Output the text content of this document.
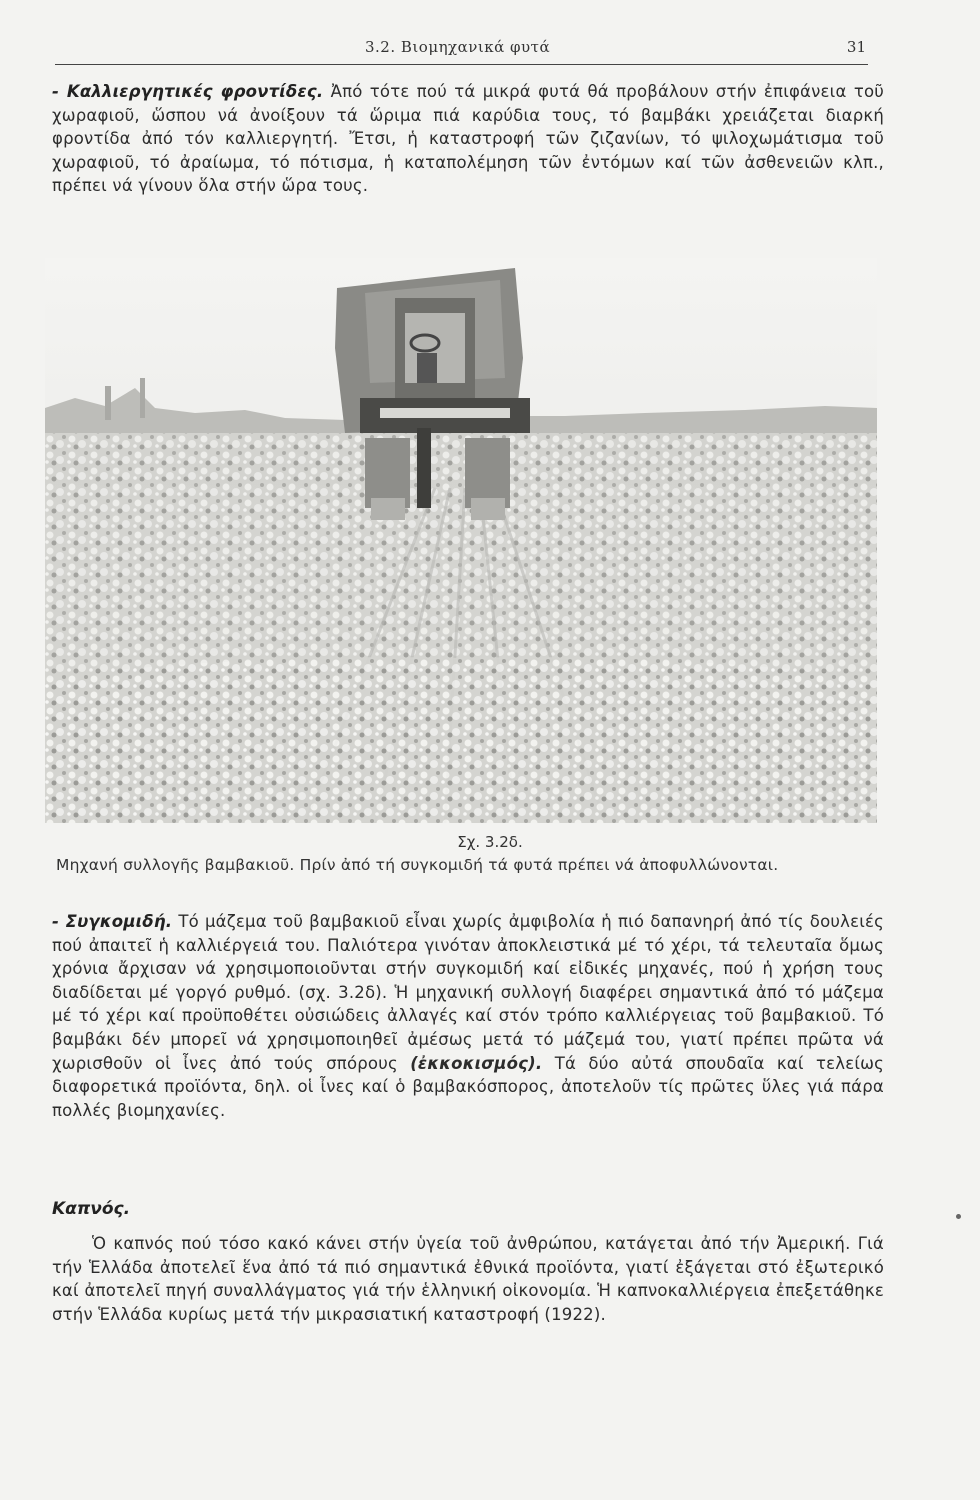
3.2. Βιομηχανικά φυτά	31
- Καλλιεργητικές φροντίδες. Ἀπό τότε πού τά μικρά φυτά θά προβάλουν στήν ἐπιφάνεια τοῦ χωραφιοῦ, ὥσπου νά ἀνοίξουν τά ὥριμα πιά καρύδια τους, τό βαμβάκι χρειάζεται διαρκή φροντίδα ἀπό τόν καλλιεργητή. Ἔτσι, ἡ καταστροφή τῶν ζιζανίων, τό ψιλοχωμάτισμα τοῦ χωραφιοῦ, τό ἀραίωμα, τό πότισμα, ἡ καταπολέμηση τῶν ἐντόμων καί τῶν ἀσθενειῶν κλπ., πρέπει νά γίνουν ὅλα στήν ὥρα τους.
Σχ. 3.2δ.
Μηχανή συλλογῆς βαμβακιοῦ. Πρίν ἀπό τή συγκομιδή τά φυτά πρέπει νά ἀποφυλλώνονται.
- Συγκομιδή. Τό μάζεμα τοῦ βαμβακιοῦ εἶναι χωρίς ἀμφιβολία ἡ πιό δαπανηρή ἀπό τίς δουλειές πού ἀπαιτεῖ ἡ καλλιέργειά του. Παλιότερα γινόταν ἀποκλειστικά μέ τό χέρι, τά τελευταῖα ὅμως χρόνια ἄρχισαν νά χρησιμοποιοῦνται στήν συγκομιδή καί εἰδικές μηχανές, πού ἡ χρήση τους διαδίδεται μέ γοργό ρυθμό. (σχ. 3.2δ). Ἡ μηχανική συλλογή διαφέρει σημαντικά ἀπό τό μάζεμα μέ τό χέρι καί προϋποθέτει οὐσιώδεις ἀλλαγές καί στόν τρόπο καλλιέργειας τοῦ βαμβακιοῦ. Τό βαμβάκι δέν μπορεῖ νά χρησιμοποιηθεῖ ἀμέσως μετά τό μάζεμά του, γιατί πρέπει πρῶτα νά χωρισθοῦν οἱ ἶνες ἀπό τούς σπόρους (ἐκκοκισμός). Τά δύο αὐτά σπουδαῖα καί τελείως διαφορετικά προϊόντα, δηλ. οἱ ἶνες καί ὁ βαμβακόσπορος, ἀποτελοῦν τίς πρῶτες ὕλες γιά πάρα πολλές βιομηχανίες.
Καπνός.
Ὁ καπνός πού τόσο κακό κάνει στήν ὑγεία τοῦ ἀνθρώπου, κατάγεται ἀπό τήν Ἀμερική. Γιά τήν Ἑλλάδα ἀποτελεῖ ἕνα ἀπό τά πιό σημαντικά ἐθνικά προϊόντα, γιατί ἐξάγεται στό ἐξωτερικό καί ἀποτελεῖ πηγή συναλλάγματος γιά τήν ἑλληνική οἰκονομία. Ἡ καπνοκαλλιέργεια ἐπεξετάθηκε στήν Ἑλλάδα κυρίως μετά τήν μικρασιατική καταστροφή (1922).
